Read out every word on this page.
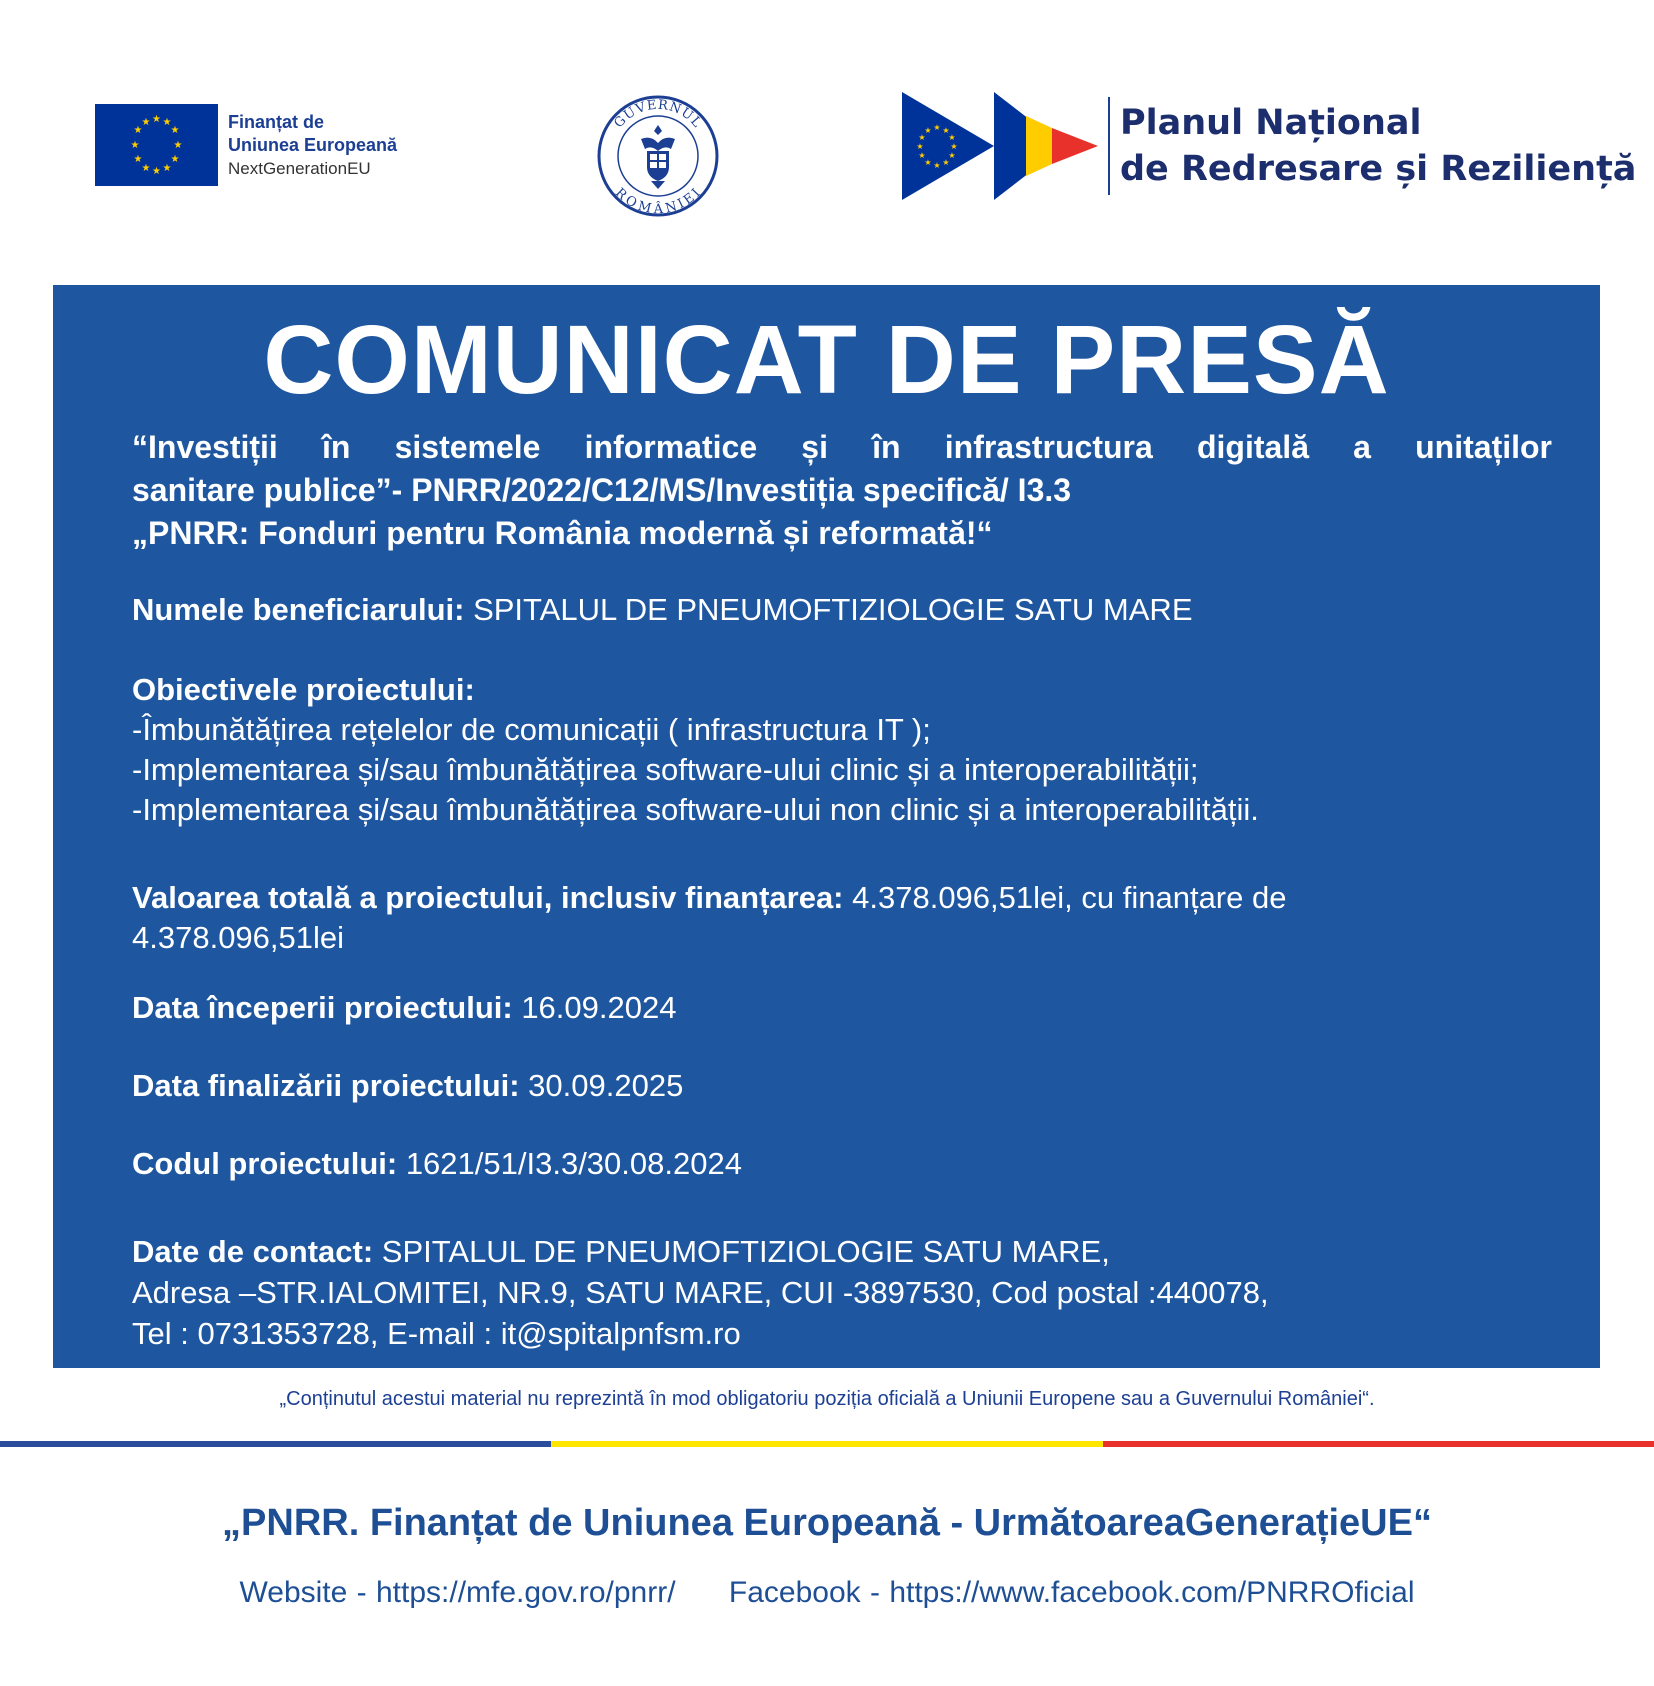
★ ★
★
★
★
★
★
★
★
★
★
★	Finanțat de
Uniunea Europeană
NextGenerationEU
GUVERNUL
ROMÂNIEI
★ ★
★
★
★
★
★
★
★
★
★
★	Planul Național
de Redresare și Reziliență
COMUNICAT DE PRESĂ
“Investiții în sistemele informatice și în infrastructura digitală a unitaților
sanitare publice”- PNRR/2022/C12/MS/Investiția specifică/ I3.3
„PNRR: Fonduri pentru România modernă și reformată!“
Numele beneficiarului: SPITALUL DE PNEUMOFTIZIOLOGIE SATU MARE
Obiectivele proiectului:
-Îmbunătățirea rețelelor de comunicații ( infrastructura IT );
-Implementarea și/sau îmbunătățirea software-ului clinic și a interoperabilității;
-Implementarea și/sau îmbunătățirea software-ului non clinic și a interoperabilității.
Valoarea totală a proiectului, inclusiv finanțarea: 4.378.096,51lei, cu finanțare de
4.378.096,51lei
Data începerii proiectului: 16.09.2024
Data finalizării proiectului: 30.09.2025
Codul proiectului: 1621/51/I3.3/30.08.2024
Date de contact: SPITALUL DE PNEUMOFTIZIOLOGIE SATU MARE,
Adresa –STR.IALOMITEI, NR.9, SATU MARE, CUI -3897530, Cod postal :440078,
Tel : 0731353728, E-mail : it@spitalpnfsm.ro
„Conținutul acestui material nu reprezintă în mod obligatoriu poziția oficială a Uniunii Europene sau a Guvernului României“.
„PNRR. Finanțat de Uniunea Europeană - UrmătoareaGenerațieUE“
Website - https://mfe.gov.ro/pnrr/ Facebook - https://www.facebook.com/PNRROficial
